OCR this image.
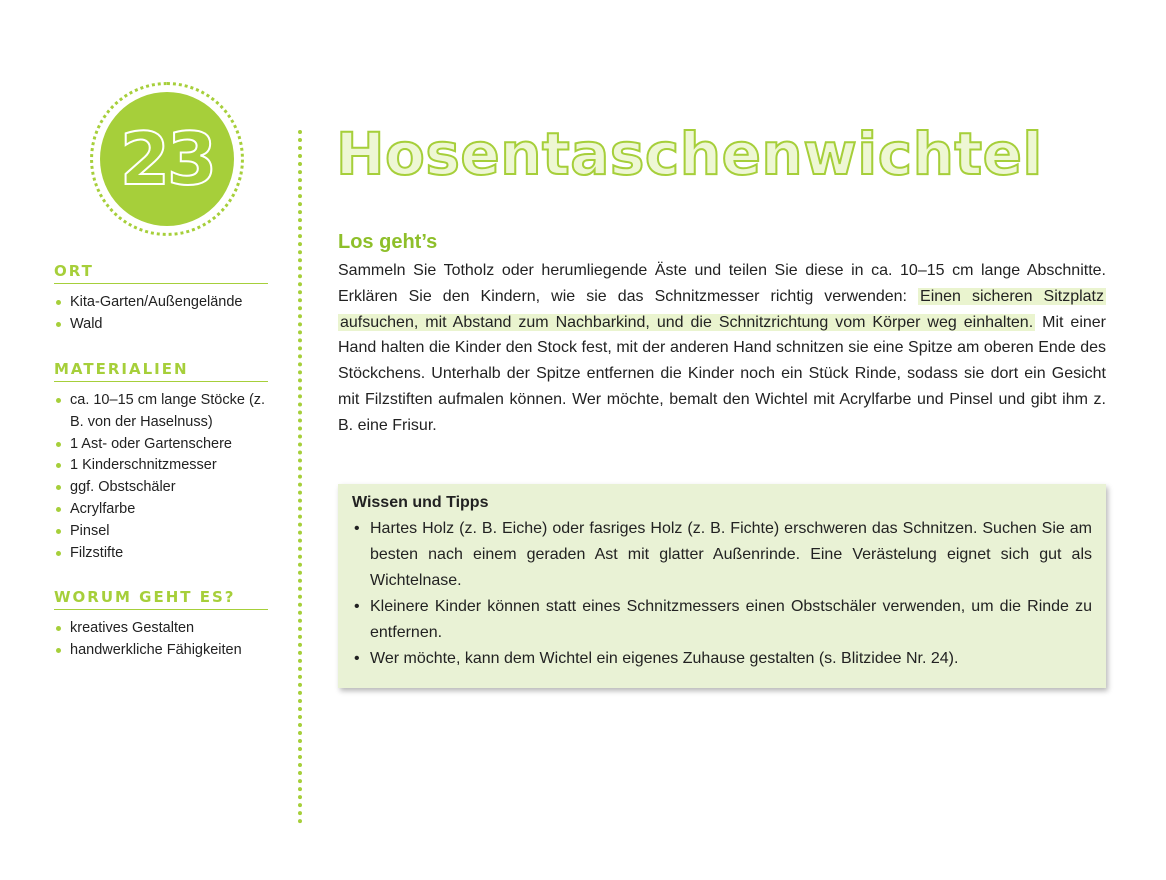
23
ORT
Kita-Garten/Außengelände
Wald
MATERIALIEN
ca. 10–15 cm lange Stöcke (z. B. von der Haselnuss)
1 Ast- oder Gartenschere
1 Kinderschnitzmesser
ggf. Obstschäler
Acrylfarbe
Pinsel
Filzstifte
WORUM GEHT ES?
kreatives Gestalten
handwerkliche Fähigkeiten
Hosentaschenwichtel
Los geht’s

Sammeln Sie Totholz oder herumliegende Äste und teilen Sie diese in ca. 10–15 cm lange Abschnitte. Erklären Sie den Kindern, wie sie das Schnitzmesser richtig verwenden: Einen sicheren Sitzplatz aufsuchen, mit Abstand zum Nachbarkind, und die Schnitzrichtung vom Körper weg einhalten. Mit einer Hand halten die Kinder den Stock fest, mit der anderen Hand schnitzen sie eine Spitze am oberen Ende des Stöckchens. Unterhalb der Spitze entfernen die Kinder noch ein Stück Rinde, sodass sie dort ein Gesicht mit Filzstiften aufmalen können. Wer möchte, bemalt den Wichtel mit Acrylfarbe und Pinsel und gibt ihm z. B. eine Frisur.

Wissen und Tipps
• Hartes Holz (z. B. Eiche) oder fasriges Holz (z. B. Fichte) erschweren das Schnitzen. Suchen Sie am besten nach einem geraden Ast mit glatter Außenrinde. Eine Verästelung eignet sich gut als Wichtelnase.
• Kleinere Kinder können statt eines Schnitzmessers einen Obstschäler verwenden, um die Rinde zu entfernen.
• Wer möchte, kann dem Wichtel ein eigenes Zuhause gestalten (s. Blitzidee Nr. 24).
